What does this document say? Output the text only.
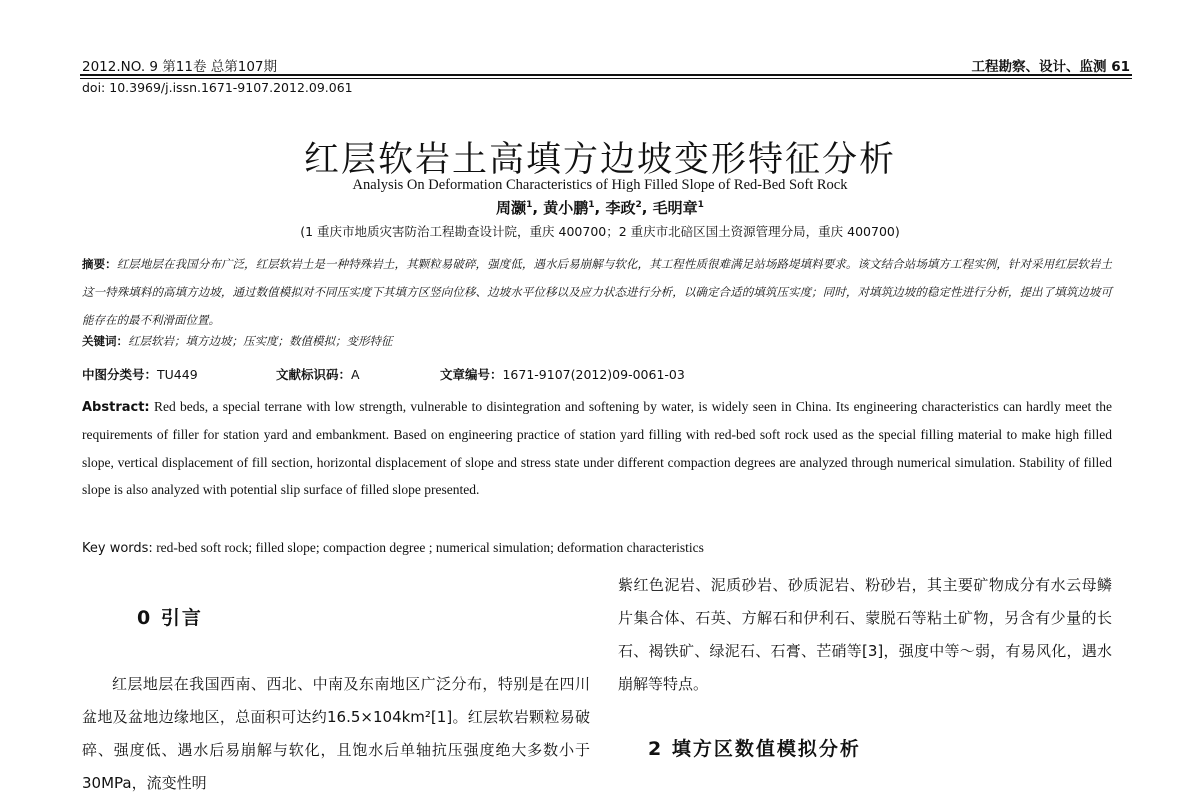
2012.NO. 9 第11卷 总第107期	工程勘察、设计、监测 61
doi: 10.3969/j.issn.1671-9107.2012.09.061
红层软岩土高填方边坡变形特征分析
Analysis On Deformation Characteristics of High Filled Slope of Red-Bed Soft Rock
周灏$^1$, 黄小鹏$^1$, 李政$^2$, 毛明章$^1$
(1 重庆市地质灾害防治工程勘查设计院，重庆 400700；2 重庆市北碚区国土资源管理分局，重庆 400700)
摘要：红层地层在我国分布广泛，红层软岩土是一种特殊岩土，其颗粒易破碎，强度低，遇水后易崩解与软化，其工程性质很难满足站场路堤填料要求。该文结合站场填方工程实例，针对采用红层软岩土这一特殊填料的高填方边坡，通过数值模拟对不同压实度下其填方区竖向位移、边坡水平位移以及应力状态进行分析，以确定合适的填筑压实度；同时，对填筑边坡的稳定性进行分析，提出了填筑边坡可能存在的最不利滑面位置。
关键词：红层软岩；填方边坡；压实度；数值模拟；变形特征
中图分类号：TU449	文献标识码：A	文章编号：1671-9107(2012)09-0061-03
Abstract: Red beds, a special terrane with low strength, vulnerable to disintegration and softening by water, is widely seen in China. Its engineering characteristics can hardly meet the requirements of filler for station yard and embankment. Based on engineering practice of station yard filling with red-bed soft rock used as the special filling material to make high filled slope, vertical displacement of fill section, horizontal displacement of slope and stress state under different compaction degrees are analyzed through numerical simulation. Stability of filled slope is also analyzed with potential slip surface of filled slope presented.
Key words: red-bed soft rock; filled slope; compaction degree ; numerical simulation; deformation characteristics
0 引言
红层地层在我国西南、西北、中南及东南地区广泛分布，特别是在四川盆地及盆地边缘地区，总面积可达约16.5×104km²[1]。红层软岩颗粒易破碎、强度低、遇水后易崩解与软化，且饱水后单轴抗压强度绝大多数小于30MPa，流变性明
紫红色泥岩、泥质砂岩、砂质泥岩、粉砂岩，其主要矿物成分有水云母鳞片集合体、石英、方解石和伊利石、蒙脱石等粘土矿物，另含有少量的长石、褐铁矿、绿泥石、石膏、芒硝等[3]，强度中等～弱，有易风化，遇水崩解等特点。
2 填方区数值模拟分析
